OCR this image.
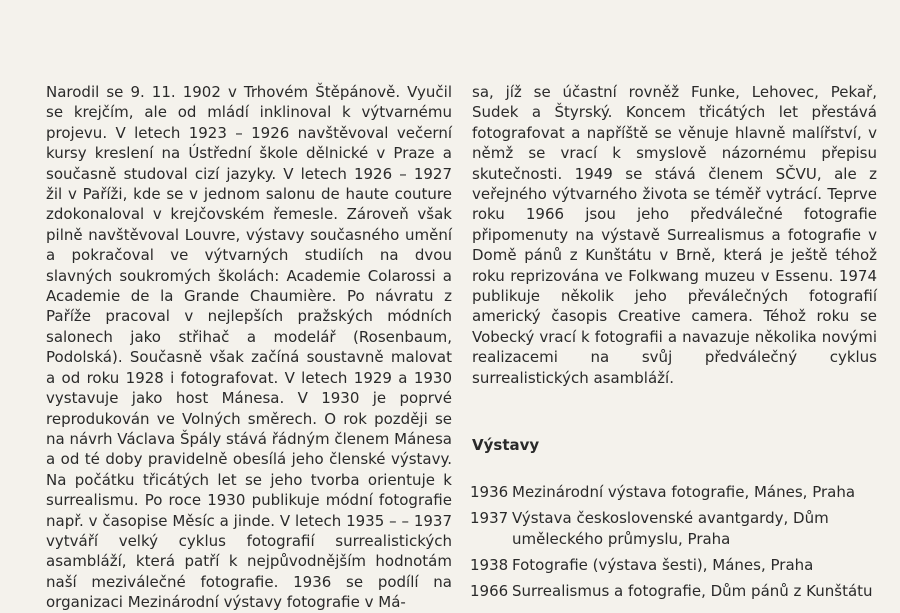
Narodil se 9. 11. 1902 v Trhovém Štěpánově. Vyučil se krejčím, ale od mládí inklinoval k výtvarnému projevu. V letech 1923 – 1926 navštěvoval večerní kursy kreslení na Ústřední škole dělnické v Praze a současně studoval cizí jazyky. V letech 1926 – 1927 žil v Paříži, kde se v jednom salonu de haute couture zdokonaloval v krejčovském řemesle. Zároveň však pilně navštěvoval Louvre, výstavy současného umění a pokračoval ve výtvarných studiích na dvou slavných soukromých školách: Academie Colarossi a Academie de la Grande Chaumière. Po návratu z Paříže pracoval v nejlepších pražských módních salonech jako střihač a modelář (Rosenbaum, Podolská). Současně však začíná soustavně malovat a od roku 1928 i fotografovat. V letech 1929 a 1930 vystavuje jako host Mánesa. V 1930 je poprvé reprodukován ve Volných směrech. O rok později se na návrh Václava Špály stává řádným členem Mánesa a od té doby pravidelně obesílá jeho členské výstavy. Na počátku třicátých let se jeho tvorba orientuje k surrealismu. Po roce 1930 publikuje módní fotografie např. v časopise Měsíc a jinde. V letech 1935 – – 1937 vytváří velký cyklus fotografií surrealistických asambláží, která patří k nejpůvodnějším hodnotám naší meziválečné fotografie. 1936 se podílí na organizaci Mezinárodní výstavy fotografie v Má-

sa, jíž se účastní rovněž Funke, Lehovec, Pekař, Sudek a Štyrský. Koncem třicátých let přestává fotografovat a napříště se věnuje hlavně malířství, v němž se vrací k smyslově názornému přepisu skutečnosti. 1949 se stává členem SČVU, ale z veřejného výtvarného života se téměř vytrácí. Teprve roku 1966 jsou jeho předválečné fotografie připomenuty na výstavě Surrealismus a fotografie v Domě pánů z Kunštátu v Brně, která je ještě téhož roku reprizována ve Folkwang muzeu v Essenu. 1974 publikuje několik jeho převálečných fotografií americký časopis Creative camera. Téhož roku se Vobecký vrací k fotografii a navazuje několika novými realizacemi na svůj předválečný cyklus surrealistických asambláží.

Výstavy
1936 Mezinárodní výstava fotografie, Mánes, Praha
1937 Výstava československé avantgardy, Dům uměleckého průmyslu, Praha
1938 Fotografie (výstava šesti), Mánes, Praha
1966 Surrealismus a fotografie, Dům pánů z Kunštátu
